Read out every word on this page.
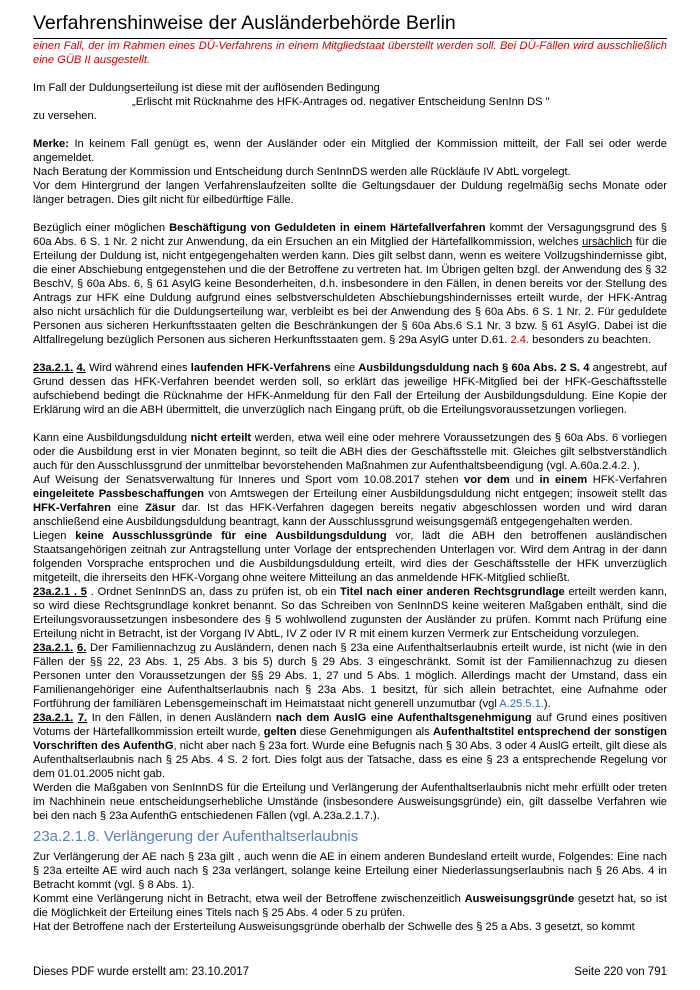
Verfahrenshinweise der Ausländerbehörde Berlin

einen Fall, der im Rahmen eines DÜ-Verfahrens in einem Mitgliedstaat überstellt werden soll. Bei DÜ-Fällen wird ausschließlich eine GÜB II ausgestellt.

Im Fall der Duldungserteilung ist diese mit der auflösenden Bedingung

„Erlischt mit Rücknahme des HFK-Antrages od. negativer Entscheidung SenInn DS "

zu versehen.

Merke: In keinem Fall genügt es, wenn der Ausländer oder ein Mitglied der Kommission mitteilt, der Fall sei oder werde angemeldet.

Nach Beratung der Kommission und Entscheidung durch SenInnDS werden alle Rückläufe IV AbtL vorgelegt.

Vor dem Hintergrund der langen Verfahrenslaufzeiten sollte die Geltungsdauer der Duldung regelmäßig sechs Monate oder länger betragen. Dies gilt nicht für eilbedürftige Fälle.

Bezüglich einer möglichen Beschäftigung von Geduldeten in einem Härtefallverfahren kommt der Versagungsgrund des § 60a Abs. 6 S. 1 Nr. 2 nicht zur Anwendung, da ein Ersuchen an ein Mitglied der Härtefallkommission, welches ursächlich für die Erteilung der Duldung ist, nicht entgegengehalten werden kann. Dies gilt selbst dann, wenn es weitere Vollzugshindernisse gibt, die einer Abschiebung entgegenstehen und die der Betroffene zu vertreten hat. Im Übrigen gelten bzgl. der Anwendung des § 32 BeschV, § 60a Abs. 6, § 61 AsylG keine Besonderheiten, d.h. insbesondere in den Fällen, in denen bereits vor der Stellung des Antrags zur HFK eine Duldung aufgrund eines selbstverschuldeten Abschiebungshindernisses erteilt wurde, der HFK-Antrag also nicht ursächlich für die Duldungserteilung war, verbleibt es bei der Anwendung des § 60a Abs. 6 S. 1 Nr. 2. Für geduldete Personen aus sicheren Herkunftsstaaten gelten die Beschränkungen der § 60a Abs.6 S.1 Nr. 3 bzw. § 61 AsylG. Dabei ist die Altfallregelung bezüglich Personen aus sicheren Herkunftsstaaten gem. § 29a AsylG unter D.61. 2.4. besonders zu beachten.

23a.2.1. 4. Wird während eines laufenden HFK-Verfahrens eine Ausbildungsduldung nach § 60a Abs. 2 S. 4 angestrebt, auf Grund dessen das HFK-Verfahren beendet werden soll, so erklärt das jeweilige HFK-Mitglied bei der HFK-Geschäftsstelle aufschiebend bedingt die Rücknahme der HFK-Anmeldung für den Fall der Erteilung der Ausbildungsduldung. Eine Kopie der Erklärung wird an die ABH übermittelt, die unverzüglich nach Eingang prüft, ob die Erteilungsvoraussetzungen vorliegen.

Kann eine Ausbildungsduldung nicht erteilt werden, etwa weil eine oder mehrere Voraussetzungen des § 60a Abs. 6 vorliegen oder die Ausbildung erst in vier Monaten beginnt, so teilt die ABH dies der Geschäftsstelle mit. Gleiches gilt selbstverständlich auch für den Ausschlussgrund der unmittelbar bevorstehenden Maßnahmen zur Aufenthaltsbeendigung (vgl. A.60a.2.4.2. ).

Auf Weisung der Senatsverwaltung für Inneres und Sport vom 10.08.2017 stehen vor dem und in einem HFK-Verfahren eingeleitete Passbeschaffungen von Amtswegen der Erteilung einer Ausbildungsduldung nicht entgegen; insoweit stellt das HFK-Verfahren eine Zäsur dar. Ist das HFK-Verfahren dagegen bereits negativ abgeschlossen worden und wird daran anschließend eine Ausbildungsduldung beantragt, kann der Ausschlussgrund weisungsgemäß entgegengehalten werden.

Liegen keine Ausschlussgründe für eine Ausbildungsduldung vor, lädt die ABH den betroffenen ausländischen Staatsangehörigen zeitnah zur Antragstellung unter Vorlage der entsprechenden Unterlagen vor. Wird dem Antrag in der dann folgenden Vorsprache entsprochen und die Ausbildungsduldung erteilt, wird dies der Geschäftsstelle der HFK unverzüglich mitgeteilt, die ihrerseits den HFK-Vorgang ohne weitere Mitteilung an das anmeldende HFK-Mitglied schließt.

23a.2.1 . 5 . Ordnet SenInnDS an, dass zu prüfen ist, ob ein Titel nach einer anderen Rechtsgrundlage erteilt werden kann, so wird diese Rechtsgrundlage konkret benannt. So das Schreiben von SenInnDS keine weiteren Maßgaben enthält, sind die Erteilungsvoraussetzungen insbesondere des § 5 wohlwollend zugunsten der Ausländer zu prüfen. Kommt nach Prüfung eine Erteilung nicht in Betracht, ist der Vorgang IV AbtL, IV Z oder IV R mit einem kurzen Vermerk zur Entscheidung vorzulegen.

23a.2.1. 6. Der Familiennachzug zu Ausländern, denen nach § 23a eine Aufenthaltserlaubnis erteilt wurde, ist nicht (wie in den Fällen der §§ 22, 23 Abs. 1, 25 Abs. 3 bis 5) durch § 29 Abs. 3 eingeschränkt. Somit ist der Familiennachzug zu diesen Personen unter den Voraussetzungen der §§ 29 Abs. 1, 27 und 5 Abs. 1 möglich. Allerdings macht der Umstand, dass ein Familienangehöriger eine Aufenthaltserlaubnis nach § 23a Abs. 1 besitzt, für sich allein betrachtet, eine Aufnahme oder Fortführung der familiären Lebensgemeinschaft im Heimatstaat nicht generell unzumutbar (vgl A.25.5.1.).

23a.2.1. 7. In den Fällen, in denen Ausländern nach dem AuslG eine Aufenthaltsgenehmigung auf Grund eines positiven Votums der Härtefallkommission erteilt wurde, gelten diese Genehmigungen als Aufenthaltstitel entsprechend der sonstigen Vorschriften des AufenthG, nicht aber nach § 23a fort. Wurde eine Befugnis nach § 30 Abs. 3 oder 4 AuslG erteilt, gilt diese als Aufenthaltserlaubnis nach § 25 Abs. 4 S. 2 fort. Dies folgt aus der Tatsache, dass es eine § 23 a entsprechende Regelung vor dem 01.01.2005 nicht gab.

Werden die Maßgaben von SenInnDS für die Erteilung und Verlängerung der Aufenthaltserlaubnis nicht mehr erfüllt oder treten im Nachhinein neue entscheidungserhebliche Umstände (insbesondere Ausweisungsgründe) ein, gilt dasselbe Verfahren wie bei den nach § 23a AufenthG entschiedenen Fällen (vgl. A.23a.2.1.7.).

23a.2.1.8. Verlängerung der Aufenthaltserlaubnis

Zur Verlängerung der AE nach § 23a gilt , auch wenn die AE in einem anderen Bundesland erteilt wurde, Folgendes: Eine nach § 23a erteilte AE wird auch nach § 23a verlängert, solange keine Erteilung einer Niederlassungserlaubnis nach § 26 Abs. 4 in Betracht kommt (vgl. § 8 Abs. 1).

Kommt eine Verlängerung nicht in Betracht, etwa weil der Betroffene zwischenzeitlich Ausweisungsgründe gesetzt hat, so ist die Möglichkeit der Erteilung eines Titels nach § 25 Abs. 4 oder 5 zu prüfen.

Hat der Betroffene nach der Ersterteilung Ausweisungsgründe oberhalb der Schwelle des § 25 a Abs. 3 gesetzt, so kommt

Dieses PDF wurde erstellt am: 23.10.2017	Seite 220 von 791
